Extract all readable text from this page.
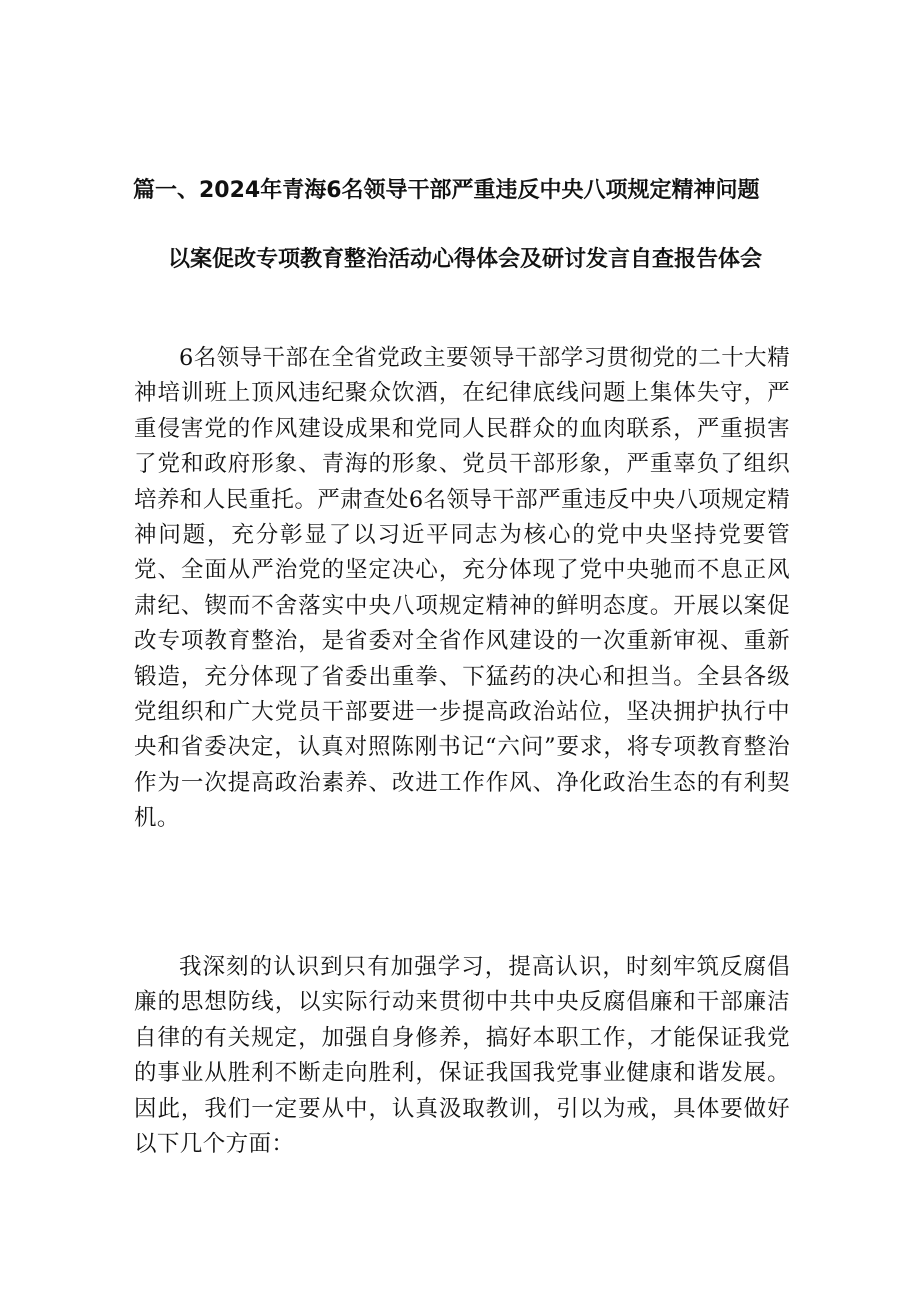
篇一、2024年青海6名领导干部严重违反中央八项规定精神问题
以案促改专项教育整治活动心得体会及研讨发言自查报告体会

6名领导干部在全省党政主要领导干部学习贯彻党的二十大精神培训班上顶风违纪聚众饮酒，在纪律底线问题上集体失守，严重侵害党的作风建设成果和党同人民群众的血肉联系，严重损害了党和政府形象、青海的形象、党员干部形象，严重辜负了组织培养和人民重托。严肃查处6名领导干部严重违反中央八项规定精神问题，充分彰显了以习近平同志为核心的党中央坚持党要管党、全面从严治党的坚定决心，充分体现了党中央驰而不息正风肃纪、锲而不舍落实中央八项规定精神的鲜明态度。开展以案促改专项教育整治，是省委对全省作风建设的一次重新审视、重新锻造，充分体现了省委出重拳、下猛药的决心和担当。全县各级党组织和广大党员干部要进一步提高政治站位，坚决拥护执行中央和省委决定，认真对照陈刚书记“六问”要求，将专项教育整治作为一次提高政治素养、改进工作作风、净化政治生态的有利契机。

我深刻的认识到只有加强学习，提高认识，时刻牢筑反腐倡廉的思想防线，以实际行动来贯彻中共中央反腐倡廉和干部廉洁自律的有关规定，加强自身修养，搞好本职工作，才能保证我党的事业从胜利不断走向胜利，保证我国我党事业健康和谐发展。因此，我们一定要从中，认真汲取教训，引以为戒，具体要做好以下几个方面：
